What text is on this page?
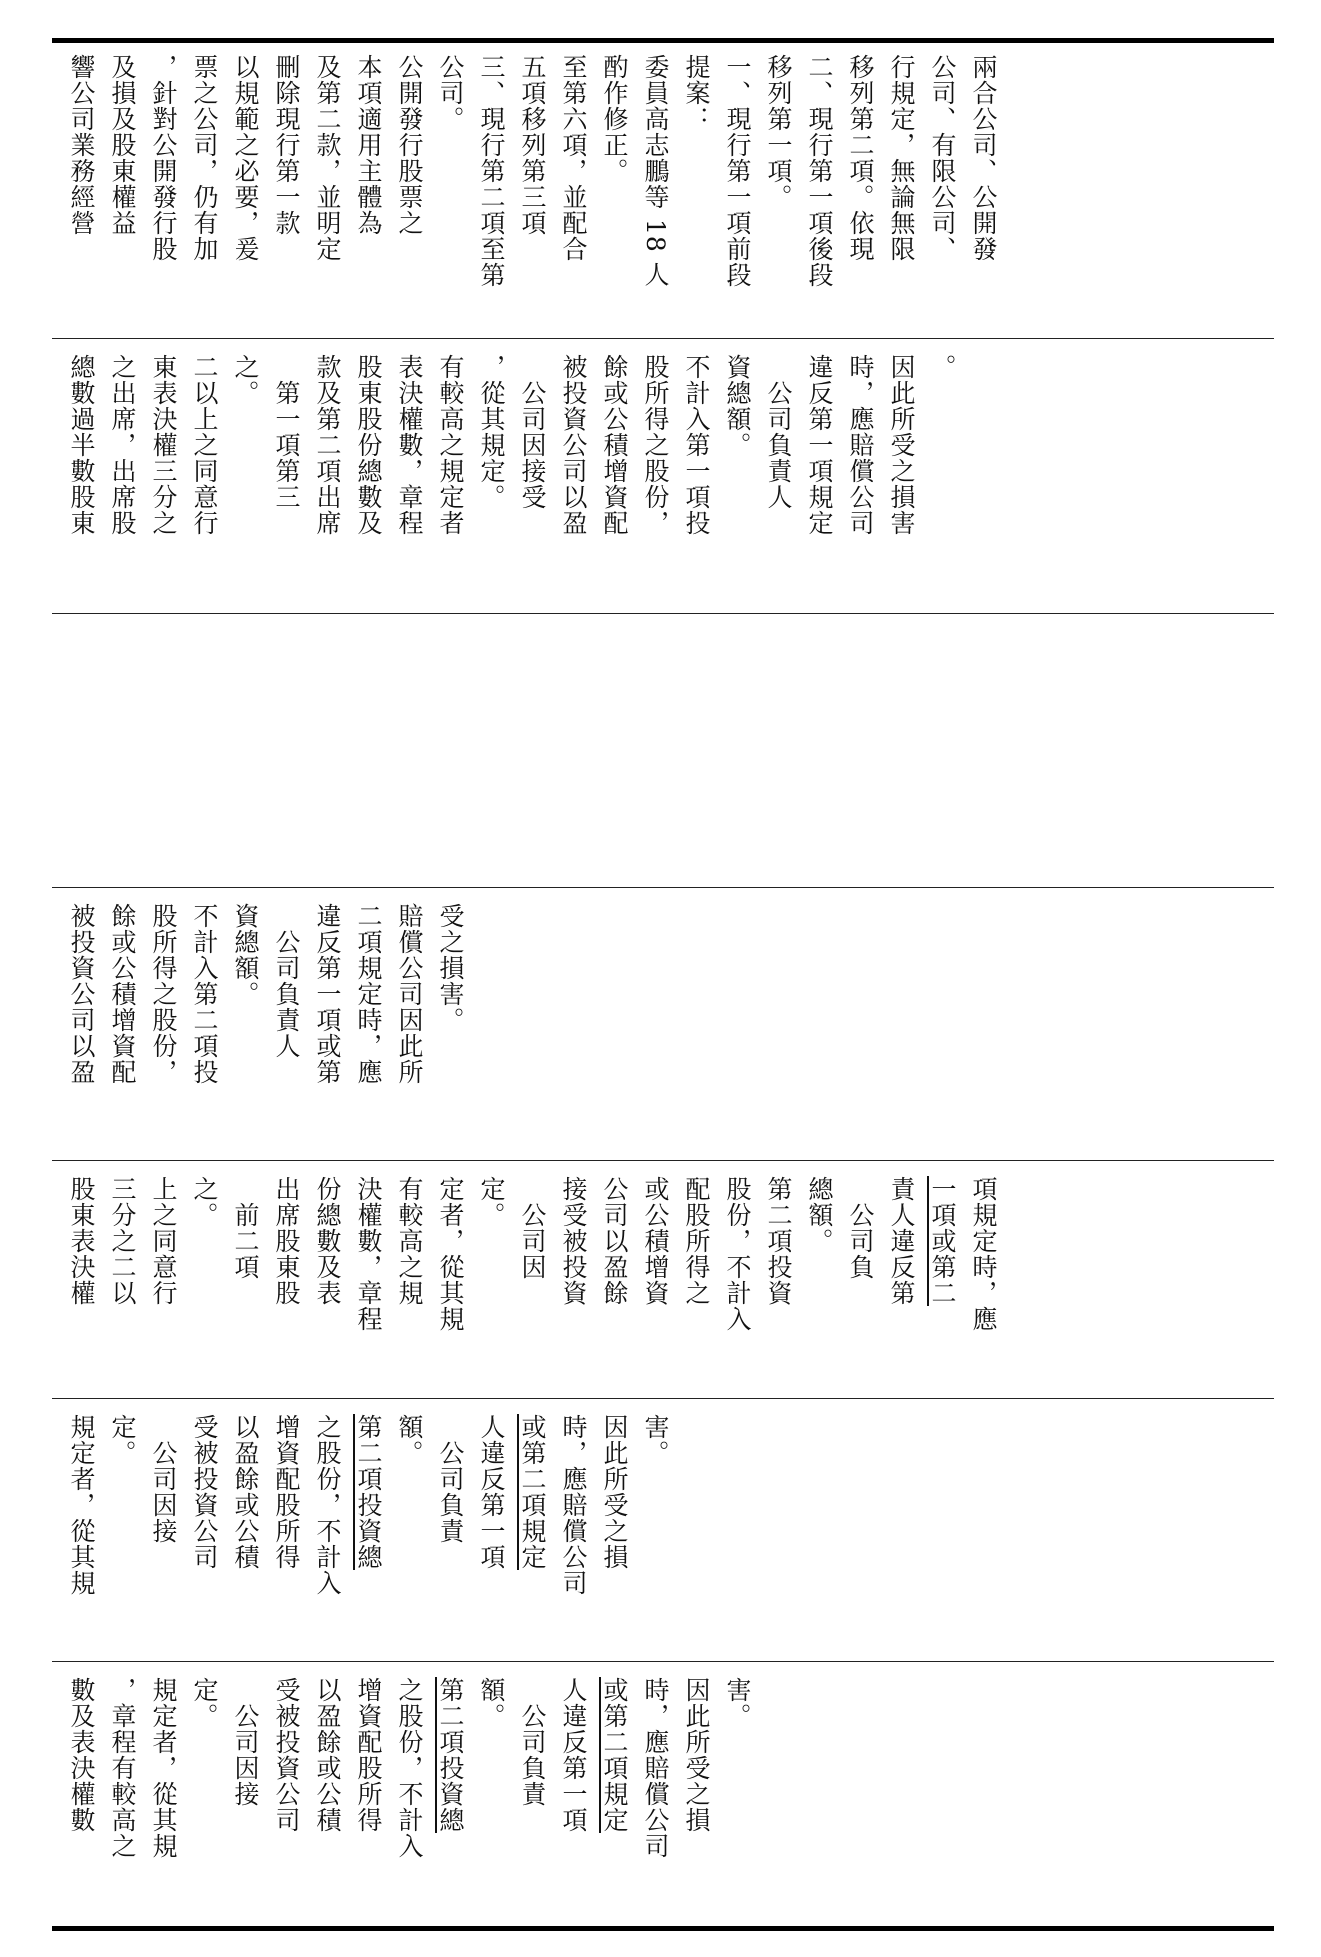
數及表決權數 ，章程有較高之 規定者，從其規 定。 　公司因接 受被投資公司 以盈餘或公積 增資配股所得 之股份，不計入 第二項投資總 額。 　公司負責 人違反第一項 或第二項規定 時，應賠償公司 因此所受之損 害。
規定者，從其規 定。 　公司因接 受被投資公司 以盈餘或公積 增資配股所得 之股份，不計入 第二項投資總 額。 　公司負責 人違反第一項 或第二項規定 時，應賠償公司 因此所受之損 害。
股東表決權 三分之二以 上之同意行 之。 　前二項 出席股東股 份總數及表 決權數，章程 有較高之規 定者，從其規 定。 　公司因 接受被投資 公司以盈餘 或公積增資 配股所得之 股份，不計入 第二項投資 總額。 　公司負 責人違反第 一項或第二 項規定時，應
被投資公司以盈 餘或公積增資配 股所得之股份， 不計入第二項投 資總額。 　公司負責人 違反第一項或第 二項規定時，應 賠償公司因此所 受之損害。
總數過半數股東 之出席，出席股 東表決權三分之 二以上之同意行 之。 　第一項第三 款及第二項出席 股東股份總數及 表決權數，章程 有較高之規定者 ，從其規定。 　公司因接受 被投資公司以盈 餘或公積增資配 股所得之股份， 不計入第一項投 資總額。 　公司負責人 違反第一項規定 時，應賠償公司 因此所受之損害 。
響公司業務經營 及損及股東權益 ，針對公開發行股 票之公司，仍有加 以規範之必要，爰 刪除現行第一款 及第二款，並明定 本項適用主體為 公開發行股票之 公司。 三、現行第二項至第 五項移列第三項 至第六項，並配合 酌作修正。 委員高志鵬等 18 人 提案： 一、現行第一項前段 移列第一項。 二、現行第一項後段 移列第二項。依現 行規定，無論無限 公司、有限公司、 兩合公司、公開發
